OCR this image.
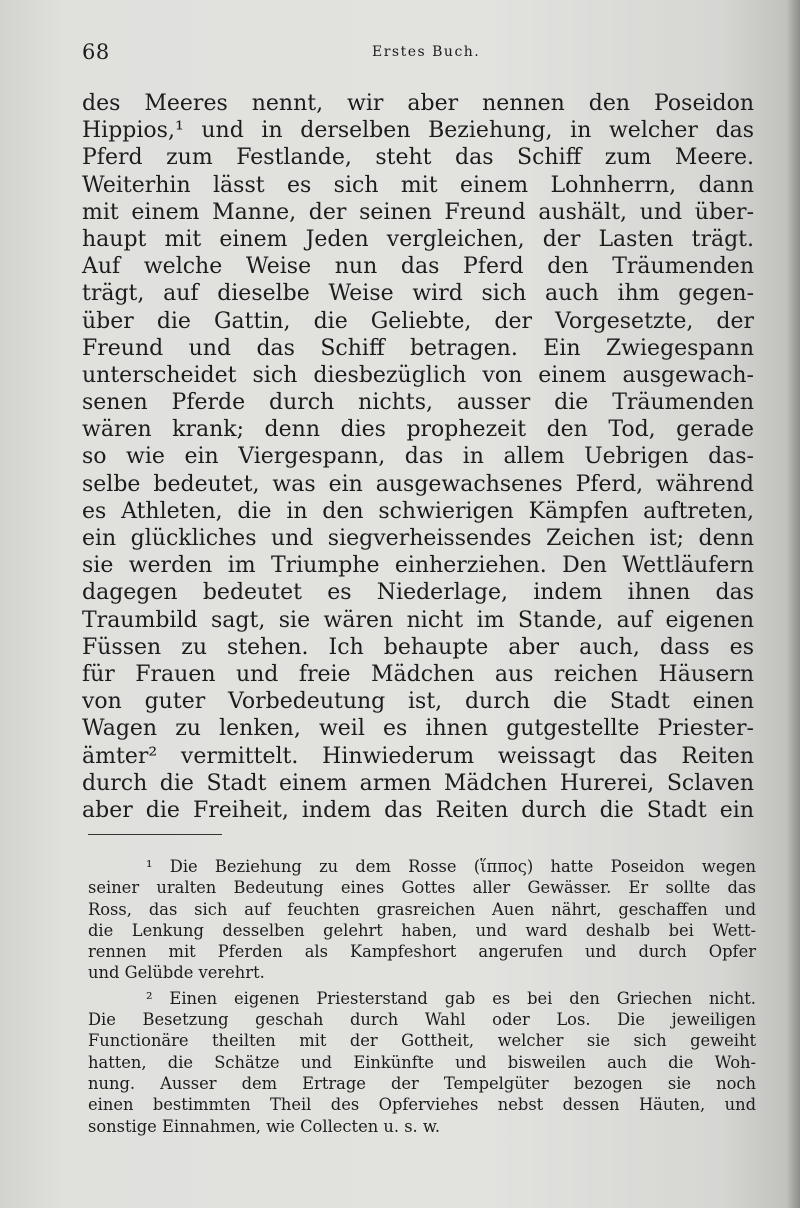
68	Erstes Buch.
des Meeres nennt, wir aber nennen den Poseidon
Hippios,¹ und in derselben Beziehung, in welcher das
Pferd zum Festlande, steht das Schiff zum Meere.
Weiterhin lässt es sich mit einem Lohnherrn, dann
mit einem Manne, der seinen Freund aushält, und über-
haupt mit einem Jeden vergleichen, der Lasten trägt.
Auf welche Weise nun das Pferd den Träumenden
trägt, auf dieselbe Weise wird sich auch ihm gegen-
über die Gattin, die Geliebte, der Vorgesetzte, der
Freund und das Schiff betragen. Ein Zwiegespann
unterscheidet sich diesbezüglich von einem ausgewach-
senen Pferde durch nichts, ausser die Träumenden
wären krank; denn dies prophezeit den Tod, gerade
so wie ein Viergespann, das in allem Uebrigen das-
selbe bedeutet, was ein ausgewachsenes Pferd, während
es Athleten, die in den schwierigen Kämpfen auftreten,
ein glückliches und siegverheissendes Zeichen ist; denn
sie werden im Triumphe einherziehen. Den Wettläufern
dagegen bedeutet es Niederlage, indem ihnen das
Traumbild sagt, sie wären nicht im Stande, auf eigenen
Füssen zu stehen. Ich behaupte aber auch, dass es
für Frauen und freie Mädchen aus reichen Häusern
von guter Vorbedeutung ist, durch die Stadt einen
Wagen zu lenken, weil es ihnen gutgestellte Priester-
ämter² vermittelt. Hinwiederum weissagt das Reiten
durch die Stadt einem armen Mädchen Hurerei, Sclaven
aber die Freiheit, indem das Reiten durch die Stadt ein
¹ Die Beziehung zu dem Rosse (ἵππος) hatte Poseidon wegen
seiner uralten Bedeutung eines Gottes aller Gewässer. Er sollte das
Ross, das sich auf feuchten grasreichen Auen nährt, geschaffen und
die Lenkung desselben gelehrt haben, und ward deshalb bei Wett-
rennen mit Pferden als Kampfeshort angerufen und durch Opfer
und Gelübde verehrt.
² Einen eigenen Priesterstand gab es bei den Griechen nicht.
Die Besetzung geschah durch Wahl oder Los. Die jeweiligen
Functionäre theilten mit der Gottheit, welcher sie sich geweiht
hatten, die Schätze und Einkünfte und bisweilen auch die Woh-
nung. Ausser dem Ertrage der Tempelgüter bezogen sie noch
einen bestimmten Theil des Opferviehes nebst dessen Häuten, und
sonstige Einnahmen, wie Collecten u. s. w.
